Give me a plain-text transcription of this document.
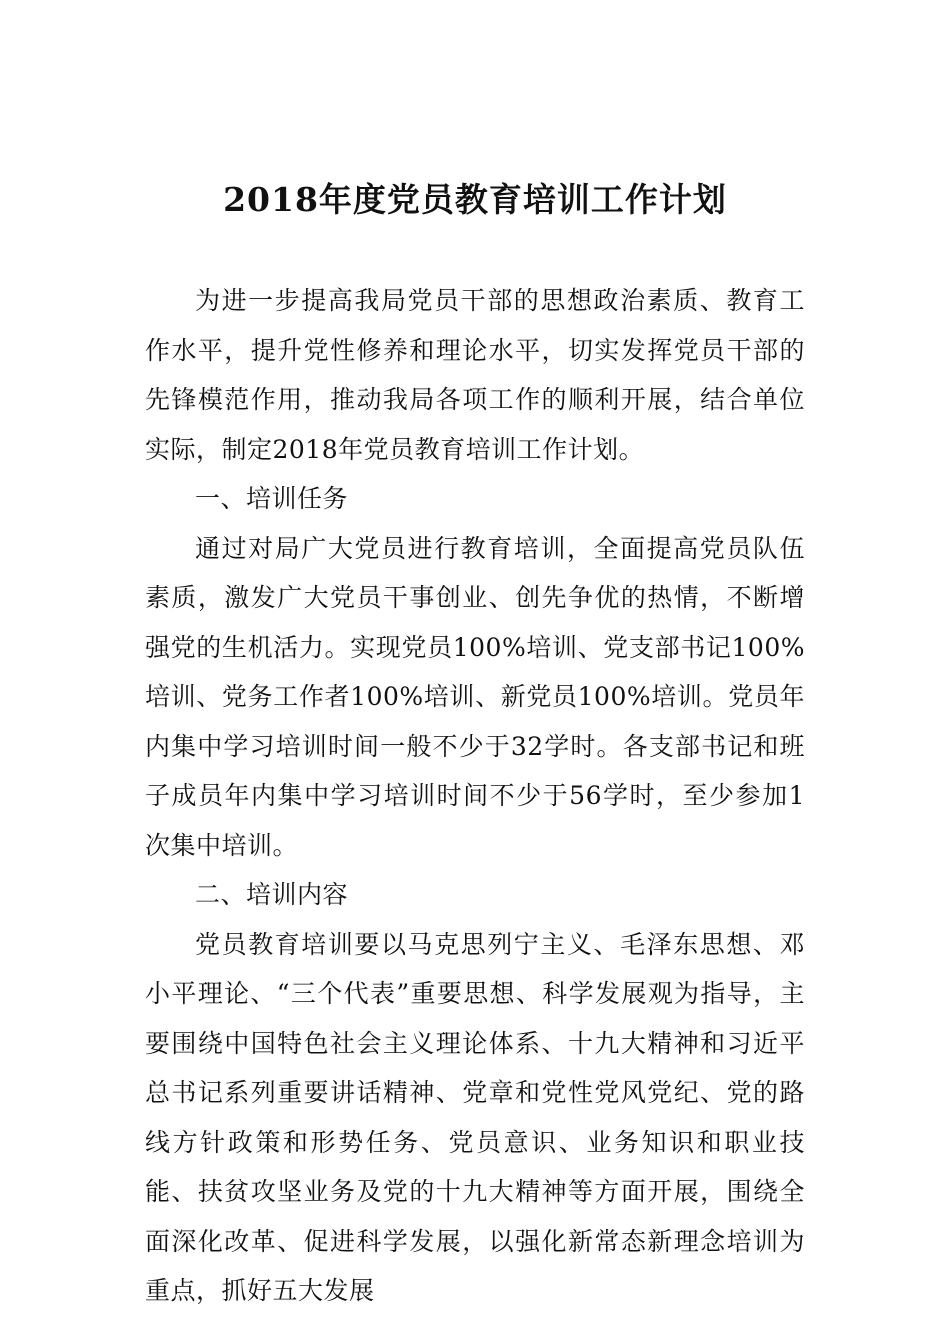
2018年度党员教育培训工作计划

为进一步提高我局党员干部的思想政治素质、教育工作水平，提升党性修养和理论水平，切实发挥党员干部的先锋模范作用，推动我局各项工作的顺利开展，结合单位实际，制定2018年党员教育培训工作计划。

一、培训任务

通过对局广大党员进行教育培训，全面提高党员队伍素质，激发广大党员干事创业、创先争优的热情，不断增强党的生机活力。实现党员100%培训、党支部书记100%培训、党务工作者100%培训、新党员100%培训。党员年内集中学习培训时间一般不少于32学时。各支部书记和班子成员年内集中学习培训时间不少于56学时，至少参加1次集中培训。

二、培训内容

党员教育培训要以马克思列宁主义、毛泽东思想、邓小平理论、“三个代表”重要思想、科学发展观为指导，主要围绕中国特色社会主义理论体系、十九大精神和习近平总书记系列重要讲话精神、党章和党性党风党纪、党的路线方针政策和形势任务、党员意识、业务知识和职业技能、扶贫攻坚业务及党的十九大精神等方面开展，围绕全面深化改革、促进科学发展，以强化新常态新理念培训为重点，抓好五大发展
